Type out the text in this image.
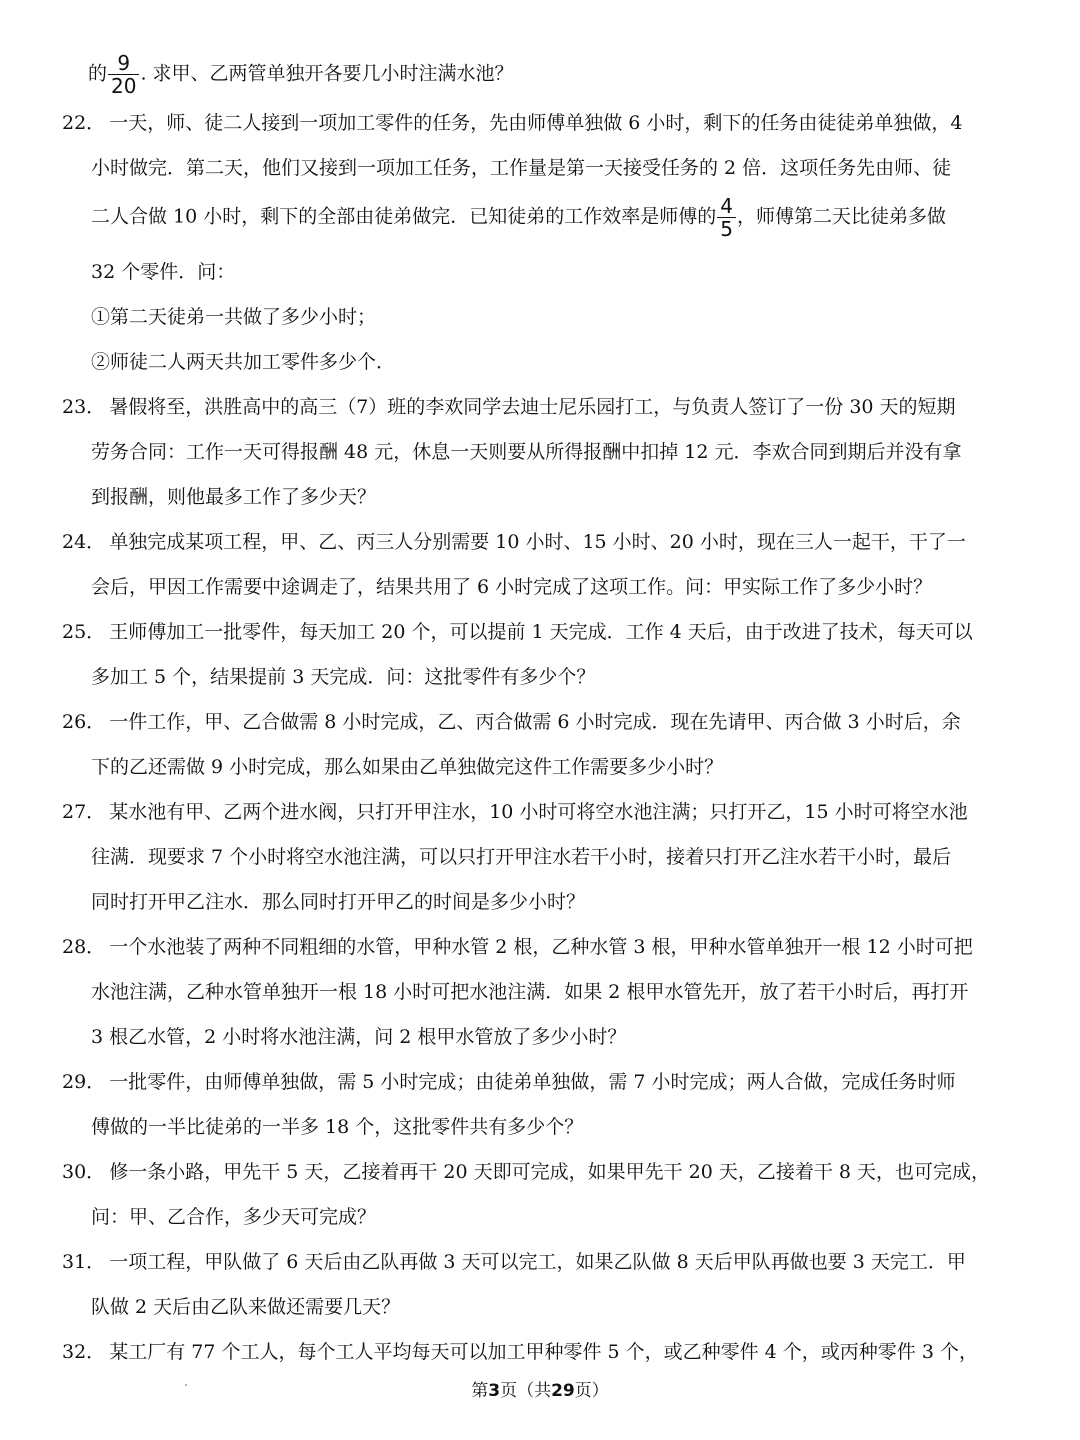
的 $\frac{9}{20}$ . 求甲、乙两管单独开各要几小时注满水池？
22． 一天，师、徒二人接到一项加工零件的任务，先由师傅单独做 6 小时，剩下的任务由徒徒弟单独做，4
小时做完．第二天，他们又接到一项加工任务，工作量是第一天接受任务的 2 倍．这项任务先由师、徒
二人合做 10 小时，剩下的全部由徒弟做完．已知徒弟的工作效率是师傅的 $\frac{4}{5}$ ，师傅第二天比徒弟多做
32 个零件．问：
①第二天徒弟一共做了多少小时；
②师徒二人两天共加工零件多少个．
23． 暑假将至，洪胜高中的高三（7）班的李欢同学去迪士尼乐园打工，与负责人签订了一份 30 天的短期
劳务合同：工作一天可得报酬 48 元，休息一天则要从所得报酬中扣掉 12 元．李欢合同到期后并没有拿
到报酬，则他最多工作了多少天？
24． 单独完成某项工程，甲、乙、丙三人分别需要 10 小时、15 小时、20 小时，现在三人一起干，干了一
会后，甲因工作需要中途调走了，结果共用了 6 小时完成了这项工作。问：甲实际工作了多少小时？
25． 王师傅加工一批零件，每天加工 20 个，可以提前 1 天完成．工作 4 天后，由于改进了技术，每天可以
多加工 5 个，结果提前 3 天完成．问：这批零件有多少个？
26． 一件工作，甲、乙合做需 8 小时完成，乙、丙合做需 6 小时完成．现在先请甲、丙合做 3 小时后，余
下的乙还需做 9 小时完成，那么如果由乙单独做完这件工作需要多少小时？
27． 某水池有甲、乙两个进水阀，只打开甲注水，10 小时可将空水池注满；只打开乙，15 小时可将空水池
往满．现要求 7 个小时将空水池注满，可以只打开甲注水若干小时，接着只打开乙注水若干小时，最后
同时打开甲乙注水．那么同时打开甲乙的时间是多少小时？
28． 一个水池装了两种不同粗细的水管，甲种水管 2 根，乙种水管 3 根，甲种水管单独开一根 12 小时可把
水池注满，乙种水管单独开一根 18 小时可把水池注满．如果 2 根甲水管先开，放了若干小时后，再打开
3 根乙水管，2 小时将水池注满，问 2 根甲水管放了多少小时？
29． 一批零件，由师傅单独做，需 5 小时完成；由徒弟单独做，需 7 小时完成；两人合做，完成任务时师
傅做的一半比徒弟的一半多 18 个，这批零件共有多少个？
30． 修一条小路，甲先干 5 天，乙接着再干 20 天即可完成，如果甲先干 20 天，乙接着干 8 天，也可完成，
问：甲、乙合作，多少天可完成？
31． 一项工程，甲队做了 6 天后由乙队再做 3 天可以完工，如果乙队做 8 天后甲队再做也要 3 天完工．甲
队做 2 天后由乙队来做还需要几天？
32． 某工厂有 77 个工人，每个工人平均每天可以加工甲种零件 5 个，或乙种零件 4 个，或丙种零件 3 个，
第3页（共29页）
